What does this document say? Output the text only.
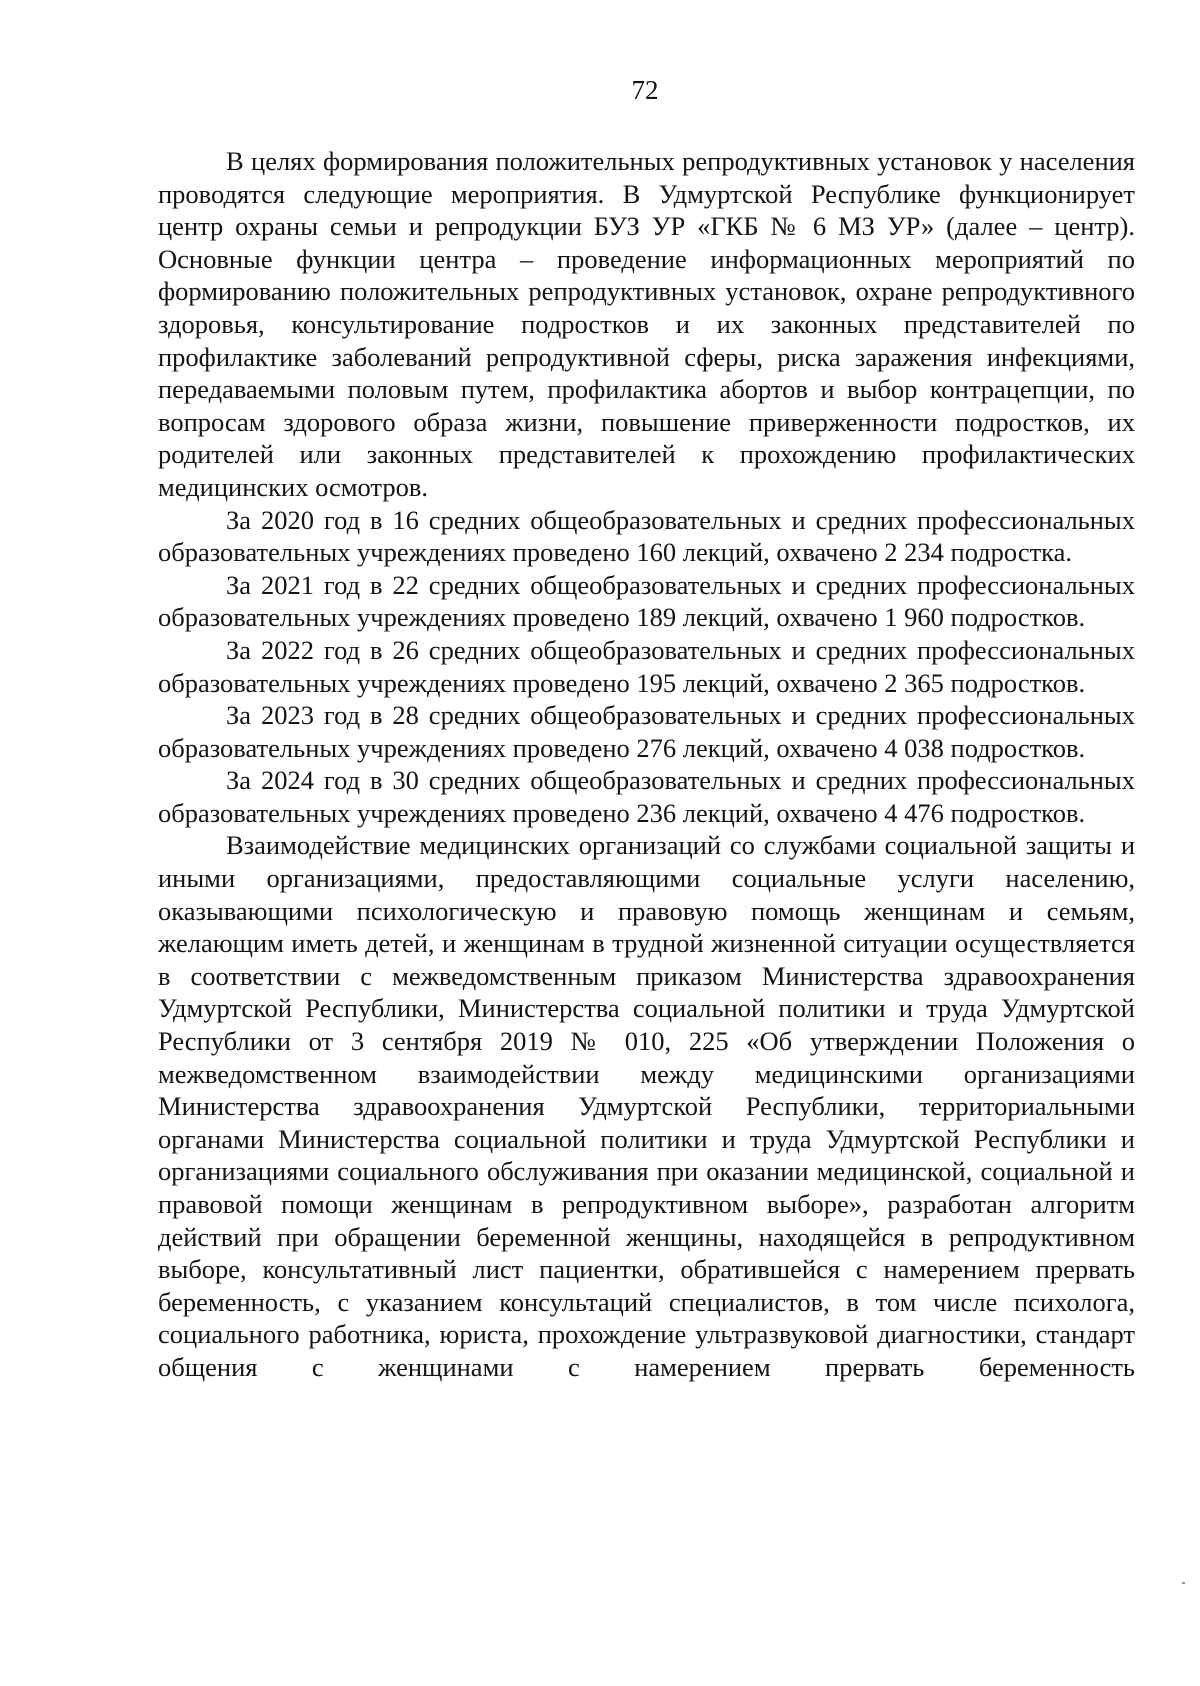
72

В целях формирования положительных репродуктивных установок у населения проводятся следующие мероприятия. В Удмуртской Республике функционирует центр охраны семьи и репродукции БУЗ УР «ГКБ № 6 МЗ УР» (далее – центр). Основные функции центра – проведение информационных мероприятий по формированию положительных репродуктивных установок, охране репродуктивного здоровья, консультирование подростков и их законных представителей по профилактике заболеваний репродуктивной сферы, риска заражения инфекциями, передаваемыми половым путем, профилактика абортов и выбор контрацепции, по вопросам здорового образа жизни, повышение приверженности подростков, их родителей или законных представителей к прохождению профилактических медицинских осмотров.

За 2020 год в 16 средних общеобразовательных и средних профессиональных образовательных учреждениях проведено 160 лекций, охвачено 2 234 подростка.

За 2021 год в 22 средних общеобразовательных и средних профессиональных образовательных учреждениях проведено 189 лекций, охвачено 1 960 подростков.

За 2022 год в 26 средних общеобразовательных и средних профессиональных образовательных учреждениях проведено 195 лекций, охвачено 2 365 подростков.

За 2023 год в 28 средних общеобразовательных и средних профессиональных образовательных учреждениях проведено 276 лекций, охвачено 4 038 подростков.

За 2024 год в 30 средних общеобразовательных и средних профессиональных образовательных учреждениях проведено 236 лекций, охвачено 4 476 подростков.

Взаимодействие медицинских организаций со службами социальной защиты и иными организациями, предоставляющими социальные услуги населению, оказывающими психологическую и правовую помощь женщинам и семьям, желающим иметь детей, и женщинам в трудной жизненной ситуации осуществляется в соответствии с межведомственным приказом Министерства здравоохранения Удмуртской Республики, Министерства социальной политики и труда Удмуртской Республики от 3 сентября 2019 № 010, 225 «Об утверждении Положения о межведомственном взаимодействии между медицинскими организациями Министерства здравоохранения Удмуртской Республики, территориальными органами Министерства социальной политики и труда Удмуртской Республики и организациями социального обслуживания при оказании медицинской, социальной и правовой помощи женщинам в репродуктивном выборе», разработан алгоритм действий при обращении беременной женщины, находящейся в репродуктивном выборе, консультативный лист пациентки, обратившейся с намерением прервать беременность, с указанием консультаций специалистов, в том числе психолога, социального работника, юриста, прохождение ультразвуковой диагностики, стандарт общения с женщинами с намерением прервать беременность
